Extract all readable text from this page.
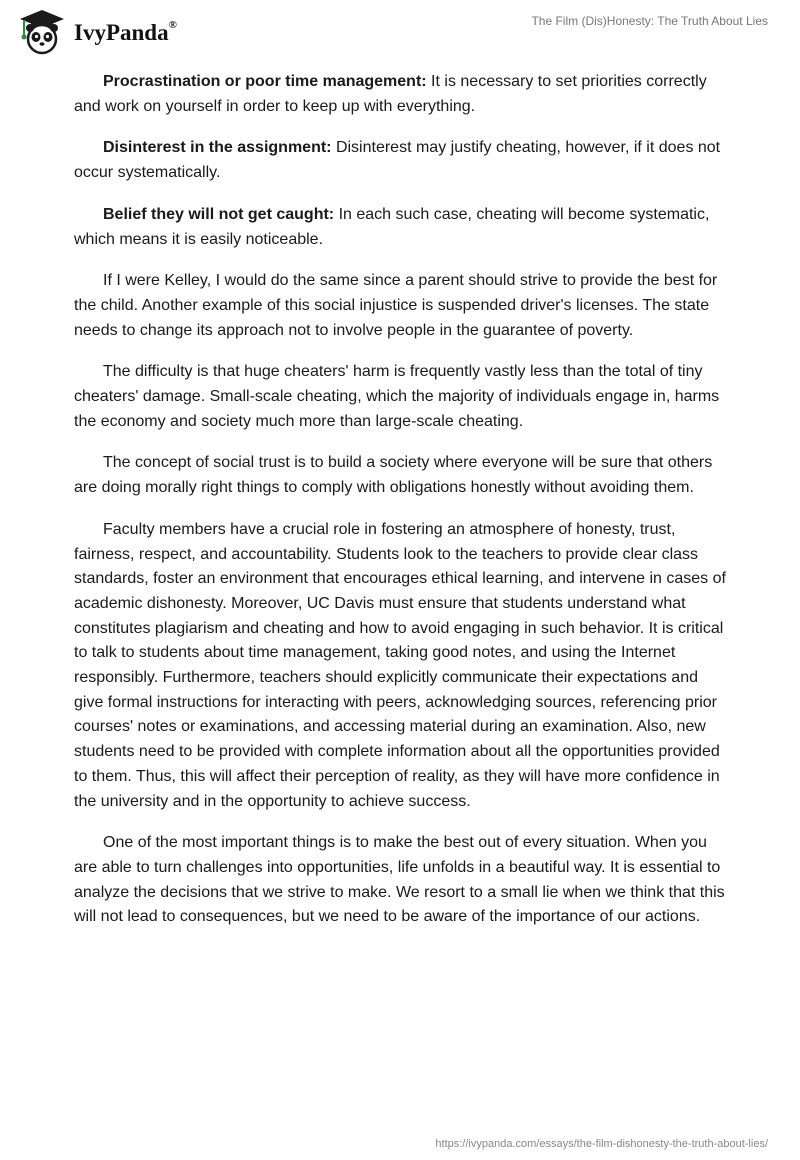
IvyPanda®	The Film (Dis)Honesty: The Truth About Lies

Procrastination or poor time management: It is necessary to set priorities correctly and work on yourself in order to keep up with everything.

Disinterest in the assignment: Disinterest may justify cheating, however, if it does not occur systematically.

Belief they will not get caught: In each such case, cheating will become systematic, which means it is easily noticeable.

If I were Kelley, I would do the same since a parent should strive to provide the best for the child. Another example of this social injustice is suspended driver's licenses. The state needs to change its approach not to involve people in the guarantee of poverty.

The difficulty is that huge cheaters' harm is frequently vastly less than the total of tiny cheaters' damage. Small-scale cheating, which the majority of individuals engage in, harms the economy and society much more than large-scale cheating.

The concept of social trust is to build a society where everyone will be sure that others are doing morally right things to comply with obligations honestly without avoiding them.

Faculty members have a crucial role in fostering an atmosphere of honesty, trust, fairness, respect, and accountability. Students look to the teachers to provide clear class standards, foster an environment that encourages ethical learning, and intervene in cases of academic dishonesty. Moreover, UC Davis must ensure that students understand what constitutes plagiarism and cheating and how to avoid engaging in such behavior. It is critical to talk to students about time management, taking good notes, and using the Internet responsibly. Furthermore, teachers should explicitly communicate their expectations and give formal instructions for interacting with peers, acknowledging sources, referencing prior courses' notes or examinations, and accessing material during an examination. Also, new students need to be provided with complete information about all the opportunities provided to them. Thus, this will affect their perception of reality, as they will have more confidence in the university and in the opportunity to achieve success.

One of the most important things is to make the best out of every situation. When you are able to turn challenges into opportunities, life unfolds in a beautiful way. It is essential to analyze the decisions that we strive to make. We resort to a small lie when we think that this will not lead to consequences, but we need to be aware of the importance of our actions.

https://ivypanda.com/essays/the-film-dishonesty-the-truth-about-lies/
